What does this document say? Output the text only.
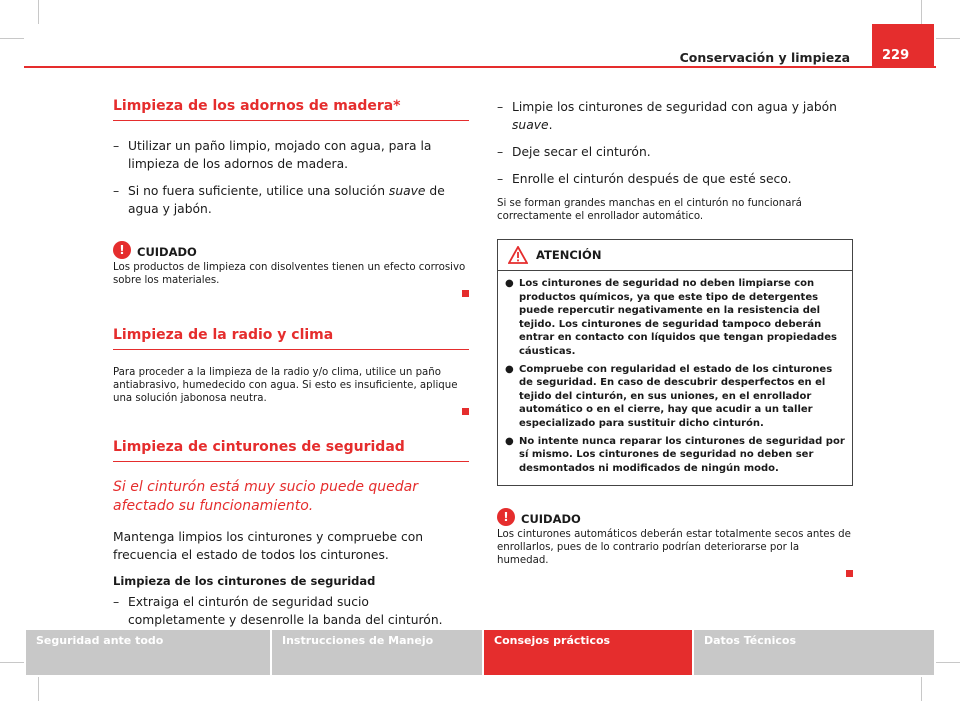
Conservación y limpieza	229
Limpieza de los adornos de madera*
– Utilizar un paño limpio, mojado con agua, para la limpieza de los adornos de madera.
– Si no fuera suficiente, utilice una solución suave de agua y jabón.
!	CUIDADO
Los productos de limpieza con disolventes tienen un efecto corrosivo sobre los materiales.
Limpieza de la radio y clima
Para proceder a la limpieza de la radio y/o clima, utilice un paño antiabrasivo, humedecido con agua. Si esto es insuficiente, aplique una solución jabonosa neutra.
Limpieza de cinturones de seguridad
Si el cinturón está muy sucio puede quedar afectado su funcionamiento.
Mantenga limpios los cinturones y compruebe con frecuencia el estado de todos los cinturones.
Limpieza de los cinturones de seguridad
– Extraiga el cinturón de seguridad sucio completamente y desenrolle la banda del cinturón.
– Limpie los cinturones de seguridad con agua y jabón suave.
– Deje secar el cinturón.
– Enrolle el cinturón después de que esté seco.
Si se forman grandes manchas en el cinturón no funcionará correctamente el enrollador automático.
ATENCIÓN
● Los cinturones de seguridad no deben limpiarse con productos químicos, ya que este tipo de detergentes puede repercutir negativamente en la resistencia del tejido. Los cinturones de seguridad tampoco deberán entrar en contacto con líquidos que tengan propiedades cáusticas.
● Compruebe con regularidad el estado de los cinturones de seguridad. En caso de descubrir desperfectos en el tejido del cinturón, en sus uniones, en el enrollador automático o en el cierre, hay que acudir a un taller especializado para sustituir dicho cinturón.
● No intente nunca reparar los cinturones de seguridad por sí mismo. Los cinturones de seguridad no deben ser desmontados ni modificados de ningún modo.
!	CUIDADO
Los cinturones automáticos deberán estar totalmente secos antes de enrollarlos, pues de lo contrario podrían deteriorarse por la humedad.
Seguridad ante todo	Instrucciones de Manejo	Consejos prácticos	Datos Técnicos
